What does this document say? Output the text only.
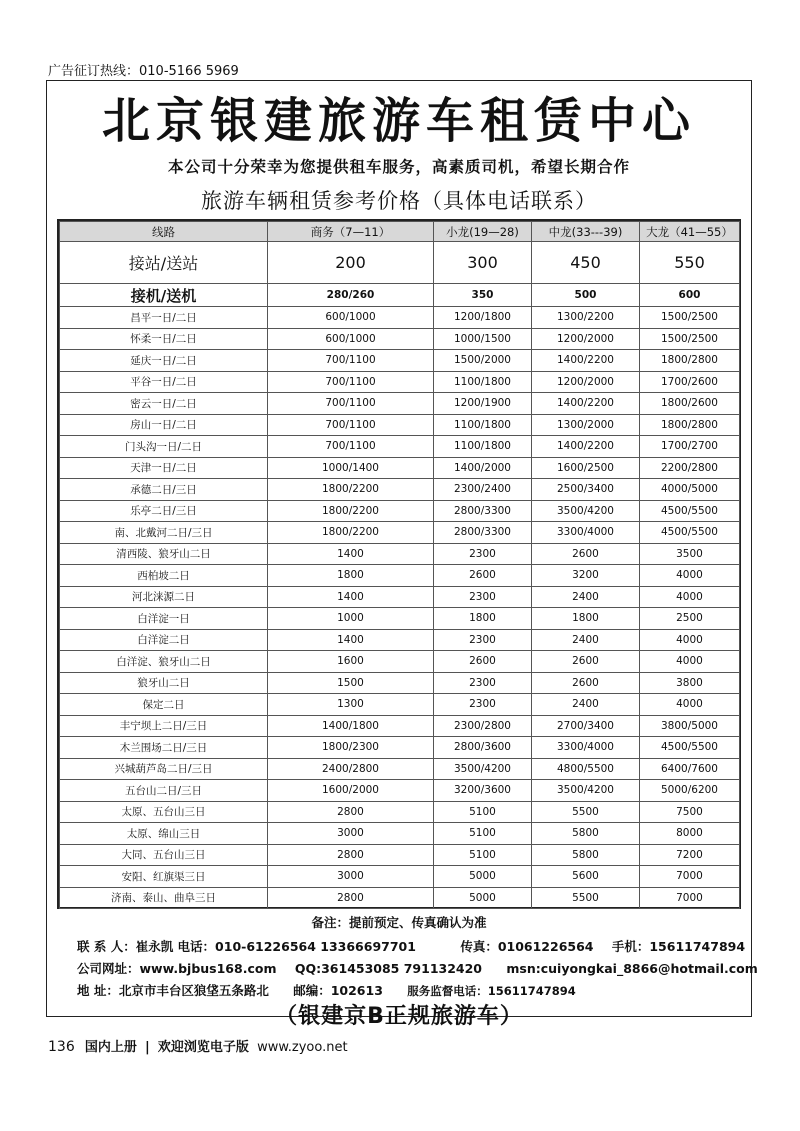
广告征订热线：010-5166 5969
北京银建旅游车租赁中心
本公司十分荣幸为您提供租车服务，高素质司机，希望长期合作
旅游车辆租赁参考价格（具体电话联系）
线路	商务（7—11）	小龙(19—28)	中龙(33---39)	大龙（41—55）
接站/送站	200	300	450	550
接机/送机	280/260	350	500	600
昌平一日/二日	600/1000	1200/1800	1300/2200	1500/2500
怀柔一日/二日	600/1000	1000/1500	1200/2000	1500/2500
延庆一日/二日	700/1100	1500/2000	1400/2200	1800/2800
平谷一日/二日	700/1100	1100/1800	1200/2000	1700/2600
密云一日/二日	700/1100	1200/1900	1400/2200	1800/2600
房山一日/二日	700/1100	1100/1800	1300/2000	1800/2800
门头沟一日/二日	700/1100	1100/1800	1400/2200	1700/2700
天津一日/二日	1000/1400	1400/2000	1600/2500	2200/2800
承德二日/三日	1800/2200	2300/2400	2500/3400	4000/5000
乐亭二日/三日	1800/2200	2800/3300	3500/4200	4500/5500
南、北戴河二日/三日	1800/2200	2800/3300	3300/4000	4500/5500
清西陵、狼牙山二日	1400	2300	2600	3500
西柏坡二日	1800	2600	3200	4000
河北涞源二日	1400	2300	2400	4000
白洋淀一日	1000	1800	1800	2500
白洋淀二日	1400	2300	2400	4000
白洋淀、狼牙山二日	1600	2600	2600	4000
狼牙山二日	1500	2300	2600	3800
保定二日	1300	2300	2400	4000
丰宁坝上二日/三日	1400/1800	2300/2800	2700/3400	3800/5000
木兰围场二日/三日	1800/2300	2800/3600	3300/4000	4500/5500
兴城葫芦岛二日/三日	2400/2800	3500/4200	4800/5500	6400/7600
五台山二日/三日	1600/2000	3200/3600	3500/4200	5000/6200
太原、五台山三日	2800	5100	5500	7500
太原、绵山三日	3000	5100	5800	8000
大同、五台山三日	2800	5100	5800	7200
安阳、红旗渠三日	3000	5000	5600	7000
济南、泰山、曲阜三日	2800	5000	5500	7000
备注：提前预定、传真确认为准
联 系 人：崔永凯 电话：010-61226564 13366697701	传真：01061226564 手机：15611747894
公司网址：www.bjbus168.com QQ:361453085 791132420 msn:cuiyongkai_8866@hotmail.com
地 址：北京市丰台区狼垡五条路北 邮编：102613 服务监督电话：15611747894
（银建京B正规旅游车）
136 国内上册 | 欢迎浏览电子版 www.zyoo.net
